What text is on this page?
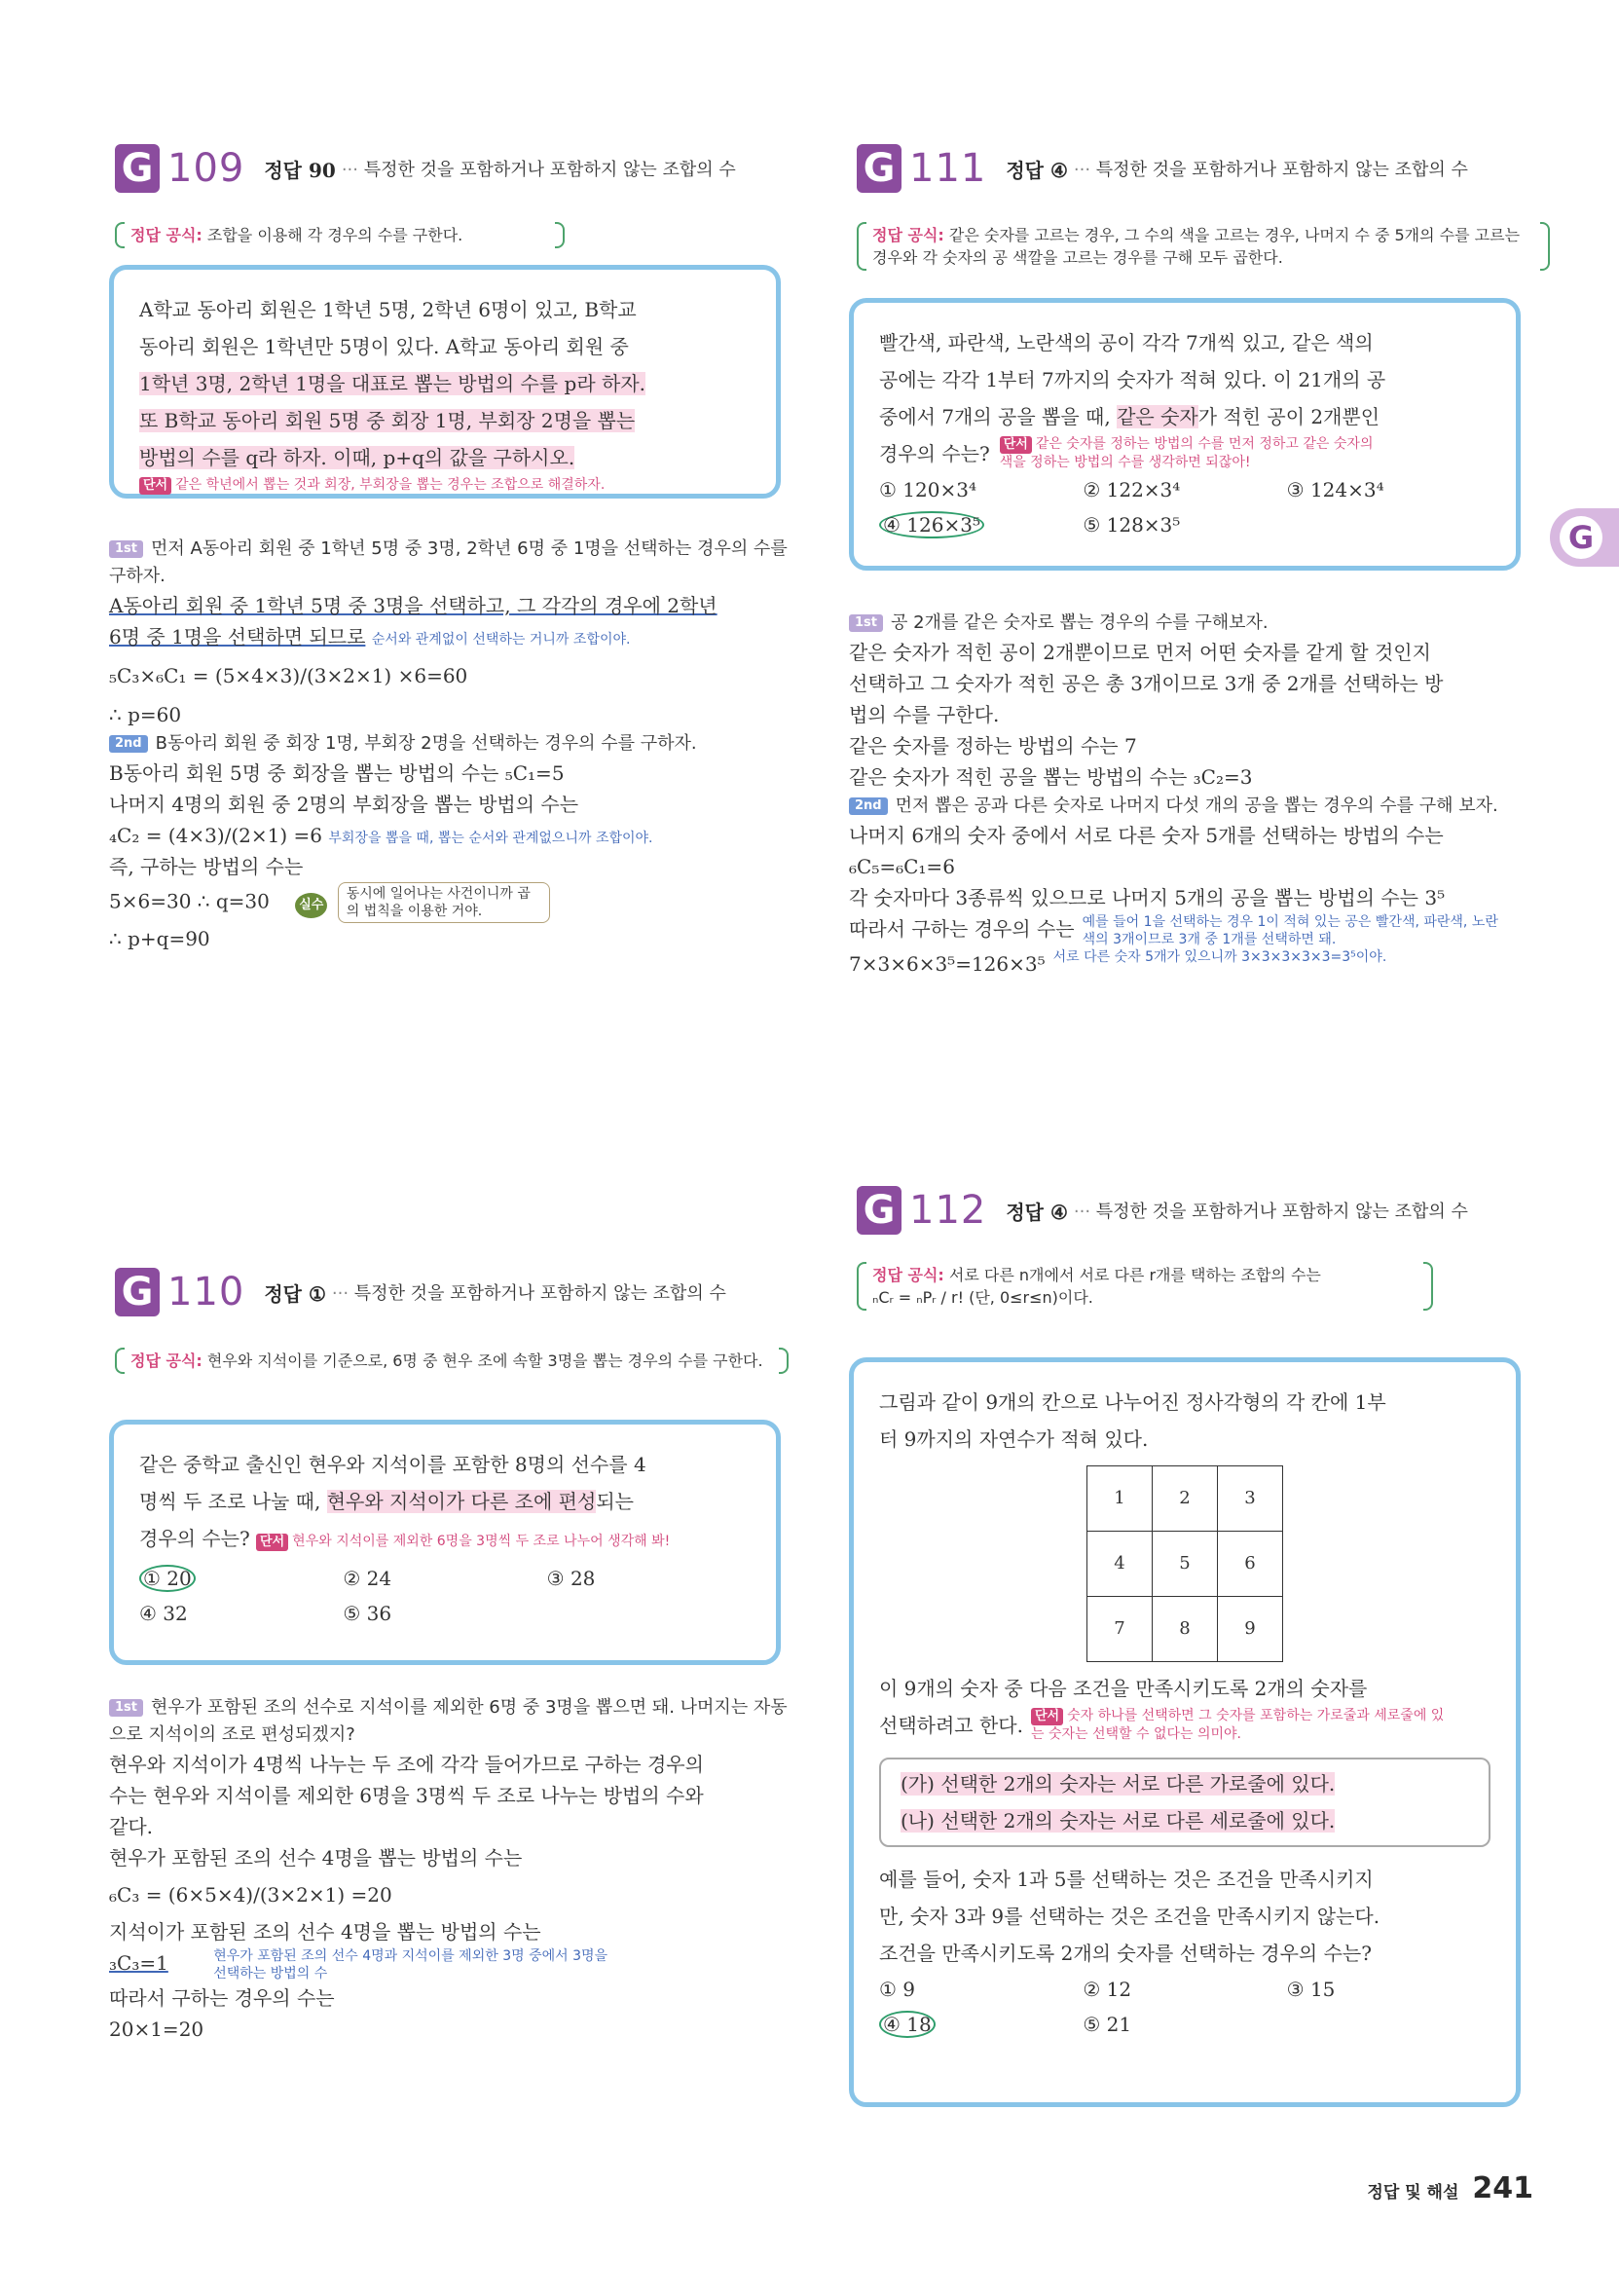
G 109 정답 90	··· 특정한 것을 포함하거나 포함하지 않는 조합의 수
정답 공식: 조합을 이용해 각 경우의 수를 구한다.
A학교 동아리 회원은 1학년 5명, 2학년 6명이 있고, B학교
동아리 회원은 1학년만 5명이 있다. A학교 동아리 회원 중
1학년 3명, 2학년 1명을 대표로 뽑는 방법의 수를 p라 하자.
또 B학교 동아리 회원 5명 중 회장 1명, 부회장 2명을 뽑는
방법의 수를 q라 하자. 이때, p+q의 값을 구하시오.
단서 같은 학년에서 뽑는 것과 회장, 부회장을 뽑는 경우는 조합으로 해결하자.
1st 먼저 A동아리 회원 중 1학년 5명 중 3명, 2학년 6명 중 1명을 선택하는 경우의 수를 구하자.
A동아리 회원 중 1학년 5명 중 3명을 선택하고, 그 각각의 경우에 2학년
6명 중 1명을 선택하면 되므로 순서와 관계없이 선택하는 거니까 조합이야.
₅C₃×₆C₁ = (5×4×3)/(3×2×1) ×6=60
∴ p=60
2nd B동아리 회원 중 회장 1명, 부회장 2명을 선택하는 경우의 수를 구하자.
B동아리 회원 5명 중 회장을 뽑는 방법의 수는 ₅C₁=5
나머지 4명의 회원 중 2명의 부회장을 뽑는 방법의 수는
₄C₂ = (4×3)/(2×1) =6 부회장을 뽑을 때, 뽑는 순서와 관계없으니까 조합이야.
즉, 구하는 방법의 수는
5×6=30 ∴ q=30 실수 동시에 일어나는 사건이니까 곱의 법칙을 이용한 거야.
∴ p+q=90
G 110 정답 ①	··· 특정한 것을 포함하거나 포함하지 않는 조합의 수
정답 공식: 현우와 지석이를 기준으로, 6명 중 현우 조에 속할 3명을 뽑는 경우의 수를 구한다.
같은 중학교 출신인 현우와 지석이를 포함한 8명의 선수를 4
명씩 두 조로 나눌 때, 현우와 지석이가 다른 조에 편성되는
경우의 수는? 단서 현우와 지석이를 제외한 6명을 3명씩 두 조로 나누어 생각해 봐!
① 20	② 24	③ 28
④ 32	⑤ 36
1st 현우가 포함된 조의 선수로 지석이를 제외한 6명 중 3명을 뽑으면 돼. 나머지는 자동으로 지석이의 조로 편성되겠지?
현우와 지석이가 4명씩 나누는 두 조에 각각 들어가므로 구하는 경우의
수는 현우와 지석이를 제외한 6명을 3명씩 두 조로 나누는 방법의 수와
같다.
현우가 포함된 조의 선수 4명을 뽑는 방법의 수는
₆C₃ = (6×5×4)/(3×2×1) =20
지석이가 포함된 조의 선수 4명을 뽑는 방법의 수는
₃C₃=1	현우가 포함된 조의 선수 4명과 지석이를 제외한 3명 중에서 3명을 선택하는 방법의 수
따라서 구하는 경우의 수는
20×1=20
G 111 정답 ④	··· 특정한 것을 포함하거나 포함하지 않는 조합의 수
정답 공식: 같은 숫자를 고르는 경우, 그 수의 색을 고르는 경우, 나머지 수 중 5개의 수를 고르는 경우와 각 숫자의 공 색깔을 고르는 경우를 구해 모두 곱한다.
빨간색, 파란색, 노란색의 공이 각각 7개씩 있고, 같은 색의
공에는 각각 1부터 7까지의 숫자가 적혀 있다. 이 21개의 공
중에서 7개의 공을 뽑을 때, 같은 숫자가 적힌 공이 2개뿐인
경우의 수는?	단서 같은 숫자를 정하는 방법의 수를 먼저 정하고 같은 숫자의 색을 정하는 방법의 수를 생각하면 되잖아!
① 120×3⁴	② 122×3⁴	③ 124×3⁴
④ 126×3⁵	⑤ 128×3⁵	G
1st 공 2개를 같은 숫자로 뽑는 경우의 수를 구해보자.
같은 숫자가 적힌 공이 2개뿐이므로 먼저 어떤 숫자를 같게 할 것인지
선택하고 그 숫자가 적힌 공은 총 3개이므로 3개 중 2개를 선택하는 방
법의 수를 구한다.
같은 숫자를 정하는 방법의 수는 7
같은 숫자가 적힌 공을 뽑는 방법의 수는 ₃C₂=3
2nd 먼저 뽑은 공과 다른 숫자로 나머지 다섯 개의 공을 뽑는 경우의 수를 구해 보자.
나머지 6개의 숫자 중에서 서로 다른 숫자 5개를 선택하는 방법의 수는
₆C₅=₆C₁=6
각 숫자마다 3종류씩 있으므로 나머지 5개의 공을 뽑는 방법의 수는 3⁵
따라서 구하는 경우의 수는 예를 들어 1을 선택하는 경우 1이 적혀 있는 공은 빨간색, 파란색, 노란색의 3개이므로 3개 중 1개를 선택하면 돼.
7×3×6×3⁵=126×3⁵ 서로 다른 숫자 5개가 있으니까 3×3×3×3×3=3⁵이야.
G 112 정답 ④	··· 특정한 것을 포함하거나 포함하지 않는 조합의 수
정답 공식: 서로 다른 n개에서 서로 다른 r개를 택하는 조합의 수는
ₙCᵣ = ₙPᵣ / r! (단, 0≤r≤n)이다.
그림과 같이 9개의 칸으로 나누어진 정사각형의 각 칸에 1부
터 9까지의 자연수가 적혀 있다.
1	2	3
4	5	6
7	8	9
이 9개의 숫자 중 다음 조건을 만족시키도록 2개의 숫자를
선택하려고 한다. 단서 숫자 하나를 선택하면 그 숫자를 포함하는 가로줄과 세로줄에 있는 숫자는 선택할 수 없다는 의미야.
(가) 선택한 2개의 숫자는 서로 다른 가로줄에 있다.
(나) 선택한 2개의 숫자는 서로 다른 세로줄에 있다.
예를 들어, 숫자 1과 5를 선택하는 것은 조건을 만족시키지
만, 숫자 3과 9를 선택하는 것은 조건을 만족시키지 않는다.
조건을 만족시키도록 2개의 숫자를 선택하는 경우의 수는?
① 9	② 12	③ 15
④ 18	⑤ 21
정답 및 해설 241
